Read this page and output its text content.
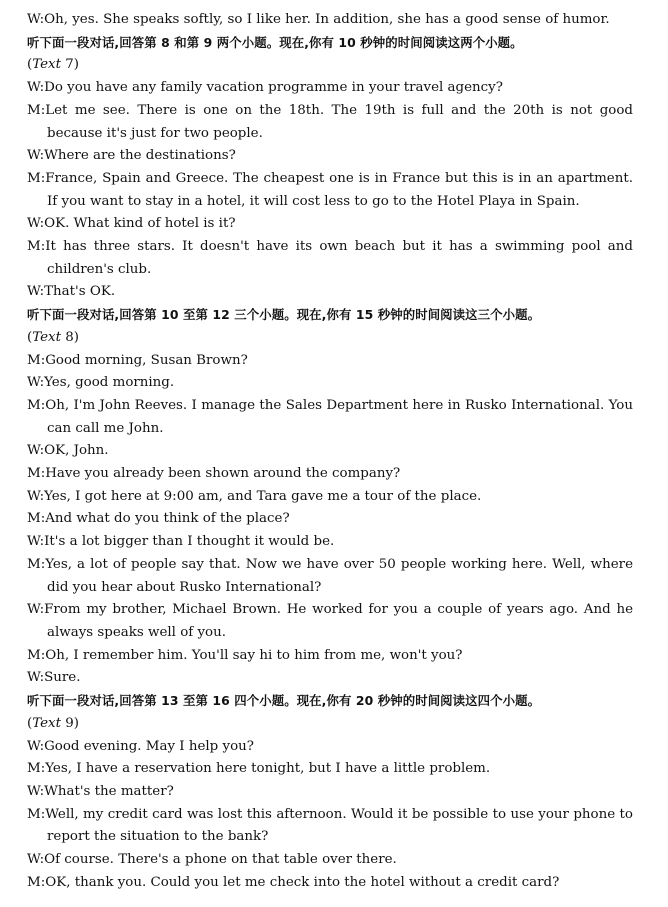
W:Oh, yes. She speaks softly, so I like her. In addition, she has a good sense of humor.
听下面一段对话,回答第 8 和第 9 两个小题。现在,你有 10 秒钟的时间阅读这两个小题。
(Text 7)
W:Do you have any family vacation programme in your travel agency?
M:Let me see. There is one on the 18th. The 19th is full and the 20th is not good because it's just for two people.
W:Where are the destinations?
M:France, Spain and Greece. The cheapest one is in France but this is in an apartment. If you want to stay in a hotel, it will cost less to go to the Hotel Playa in Spain.
W:OK. What kind of hotel is it?
M:It has three stars. It doesn't have its own beach but it has a swimming pool and children's club.
W:That's OK.
听下面一段对话,回答第 10 至第 12 三个小题。现在,你有 15 秒钟的时间阅读这三个小题。
(Text 8)
M:Good morning, Susan Brown?
W:Yes, good morning.
M:Oh, I'm John Reeves. I manage the Sales Department here in Rusko International. You can call me John.
W:OK, John.
M:Have you already been shown around the company?
W:Yes, I got here at 9:00 am, and Tara gave me a tour of the place.
M:And what do you think of the place?
W:It's a lot bigger than I thought it would be.
M:Yes, a lot of people say that. Now we have over 50 people working here. Well, where did you hear about Rusko International?
W:From my brother, Michael Brown. He worked for you a couple of years ago. And he always speaks well of you.
M:Oh, I remember him. You'll say hi to him from me, won't you?
W:Sure.
听下面一段对话,回答第 13 至第 16 四个小题。现在,你有 20 秒钟的时间阅读这四个小题。
(Text 9)
W:Good evening. May I help you?
M:Yes, I have a reservation here tonight, but I have a little problem.
W:What's the matter?
M:Well, my credit card was lost this afternoon. Would it be possible to use your phone to report the situation to the bank?
W:Of course. There's a phone on that table over there.
M:OK, thank you. Could you let me check into the hotel without a credit card?
